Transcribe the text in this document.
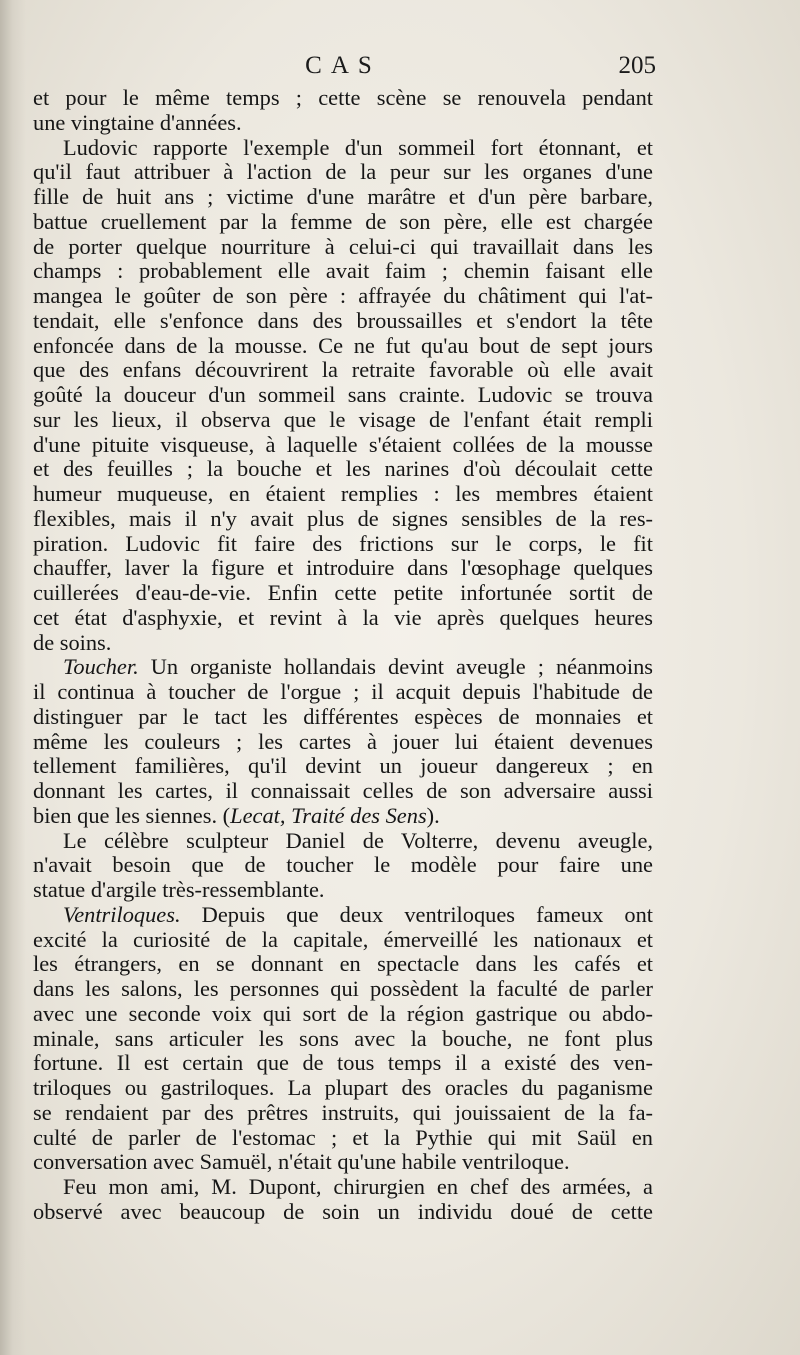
CAS	205
et pour le même temps ; cette scène se renouvela pendant
une vingtaine d'années.
Ludovic rapporte l'exemple d'un sommeil fort étonnant, et
qu'il faut attribuer à l'action de la peur sur les organes d'une
fille de huit ans ; victime d'une marâtre et d'un père barbare,
battue cruellement par la femme de son père, elle est chargée
de porter quelque nourriture à celui-ci qui travaillait dans les
champs : probablement elle avait faim ; chemin faisant elle
mangea le goûter de son père : affrayée du châtiment qui l'at-
tendait, elle s'enfonce dans des broussailles et s'endort la tête
enfoncée dans de la mousse. Ce ne fut qu'au bout de sept jours
que des enfans découvrirent la retraite favorable où elle avait
goûté la douceur d'un sommeil sans crainte. Ludovic se trouva
sur les lieux, il observa que le visage de l'enfant était rempli
d'une pituite visqueuse, à laquelle s'étaient collées de la mousse
et des feuilles ; la bouche et les narines d'où découlait cette
humeur muqueuse, en étaient remplies : les membres étaient
flexibles, mais il n'y avait plus de signes sensibles de la res-
piration. Ludovic fit faire des frictions sur le corps, le fit
chauffer, laver la figure et introduire dans l'œsophage quelques
cuillerées d'eau-de-vie. Enfin cette petite infortunée sortit de
cet état d'asphyxie, et revint à la vie après quelques heures
de soins.
Toucher. Un organiste hollandais devint aveugle ; néanmoins
il continua à toucher de l'orgue ; il acquit depuis l'habitude de
distinguer par le tact les différentes espèces de monnaies et
même les couleurs ; les cartes à jouer lui étaient devenues
tellement familières, qu'il devint un joueur dangereux ; en
donnant les cartes, il connaissait celles de son adversaire aussi
bien que les siennes. (Lecat, Traité des Sens).
Le célèbre sculpteur Daniel de Volterre, devenu aveugle,
n'avait besoin que de toucher le modèle pour faire une
statue d'argile très-ressemblante.
Ventriloques. Depuis que deux ventriloques fameux ont
excité la curiosité de la capitale, émerveillé les nationaux et
les étrangers, en se donnant en spectacle dans les cafés et
dans les salons, les personnes qui possèdent la faculté de parler
avec une seconde voix qui sort de la région gastrique ou abdo-
minale, sans articuler les sons avec la bouche, ne font plus
fortune. Il est certain que de tous temps il a existé des ven-
triloques ou gastriloques. La plupart des oracles du paganisme
se rendaient par des prêtres instruits, qui jouissaient de la fa-
culté de parler de l'estomac ; et la Pythie qui mit Saül en
conversation avec Samuël, n'était qu'une habile ventriloque.
Feu mon ami, M. Dupont, chirurgien en chef des armées, a
observé avec beaucoup de soin un individu doué de cette
